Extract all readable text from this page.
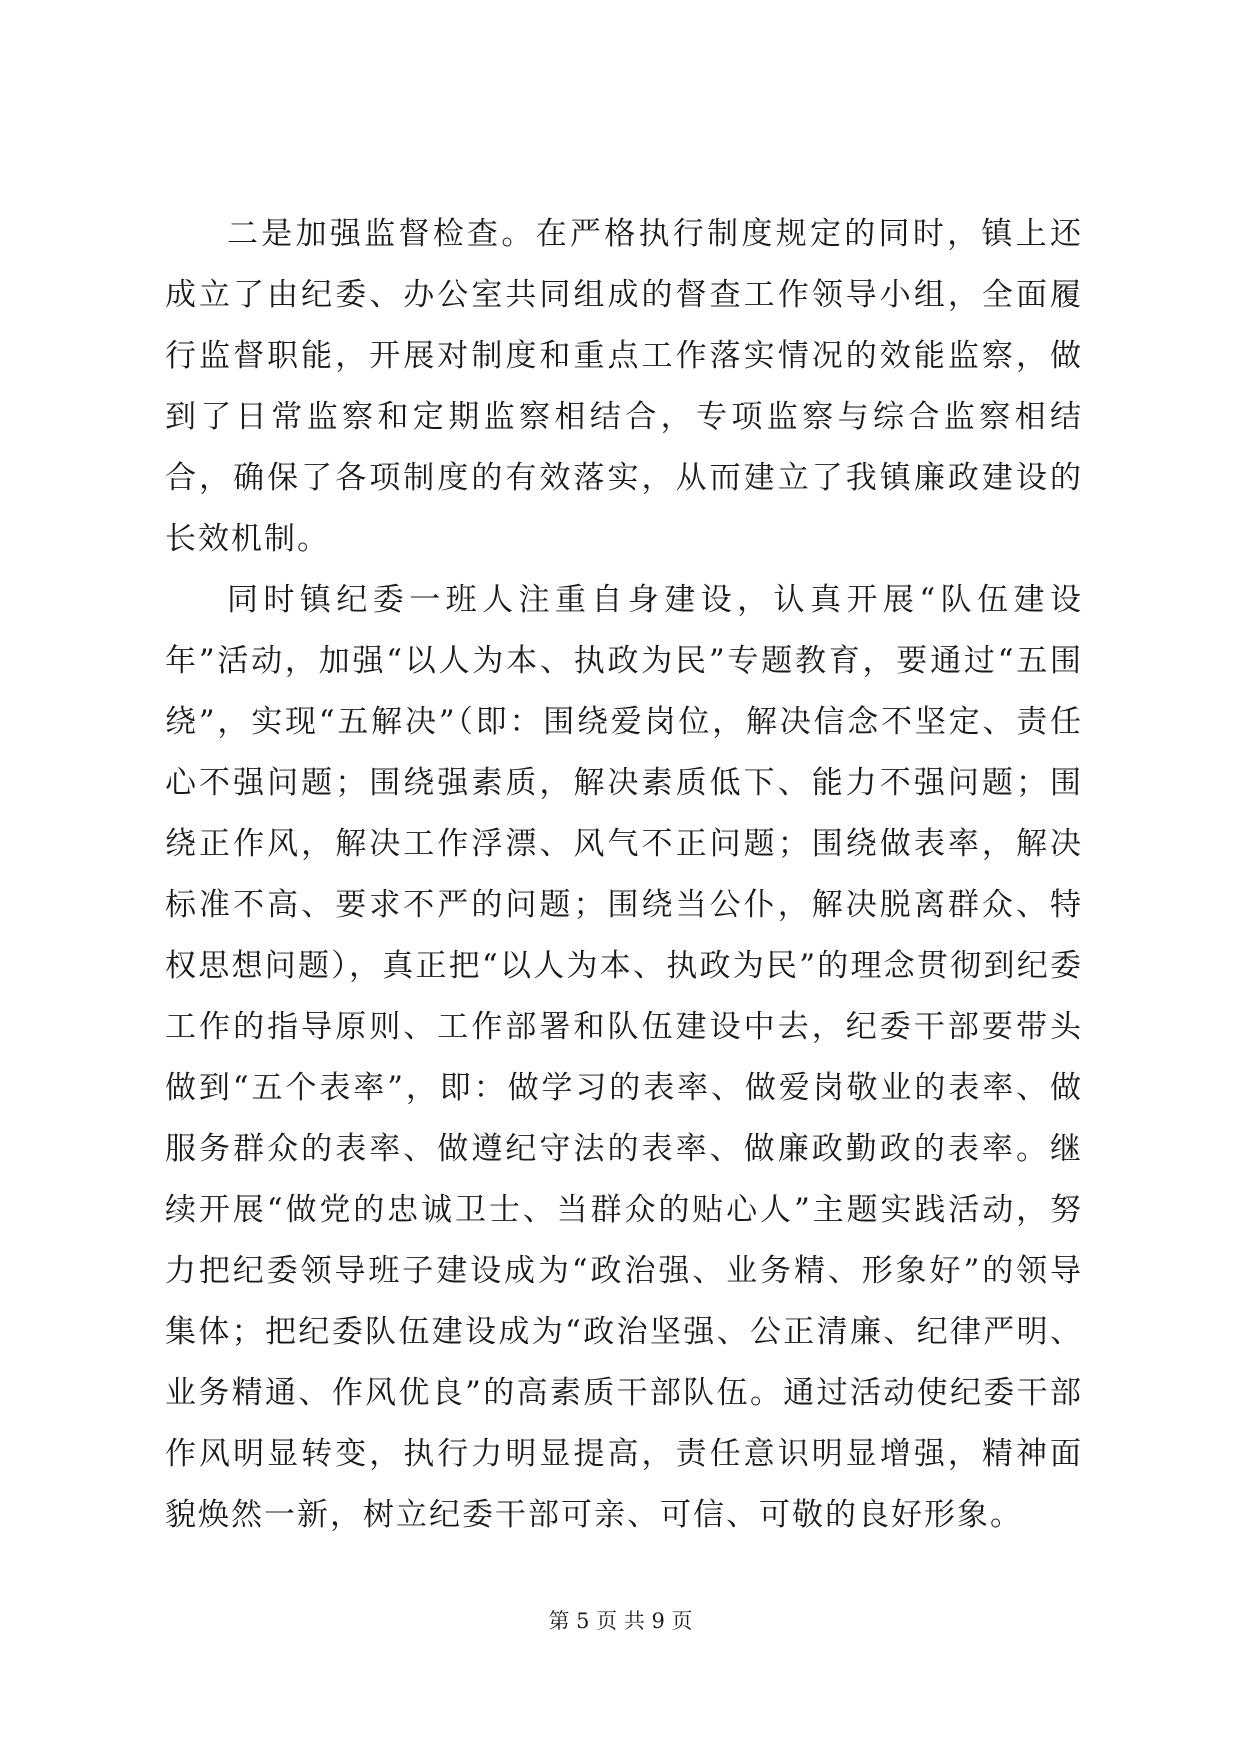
二是加强监督检查。在严格执行制度规定的同时，镇上还成立了由纪委、办公室共同组成的督查工作领导小组，全面履行监督职能，开展对制度和重点工作落实情况的效能监察，做到了日常监察和定期监察相结合，专项监察与综合监察相结合，确保了各项制度的有效落实，从而建立了我镇廉政建设的长效机制。

同时镇纪委一班人注重自身建设，认真开展“队伍建设年”活动，加强“以人为本、执政为民”专题教育，要通过“五围绕”，实现“五解决”（即：围绕爱岗位，解决信念不坚定、责任心不强问题；围绕强素质，解决素质低下、能力不强问题；围绕正作风，解决工作浮漂、风气不正问题；围绕做表率，解决标准不高、要求不严的问题；围绕当公仆，解决脱离群众、特权思想问题），真正把“以人为本、执政为民”的理念贯彻到纪委工作的指导原则、工作部署和队伍建设中去，纪委干部要带头做到“五个表率”，即：做学习的表率、做爱岗敬业的表率、做服务群众的表率、做遵纪守法的表率、做廉政勤政的表率。继续开展“做党的忠诚卫士、当群众的贴心人”主题实践活动，努力把纪委领导班子建设成为“政治强、业务精、形象好”的领导集体；把纪委队伍建设成为“政治坚强、公正清廉、纪律严明、业务精通、作风优良”的高素质干部队伍。通过活动使纪委干部作风明显转变，执行力明显提高，责任意识明显增强，精神面貌焕然一新，树立纪委干部可亲、可信、可敬的良好形象。

第 5 页 共 9 页
